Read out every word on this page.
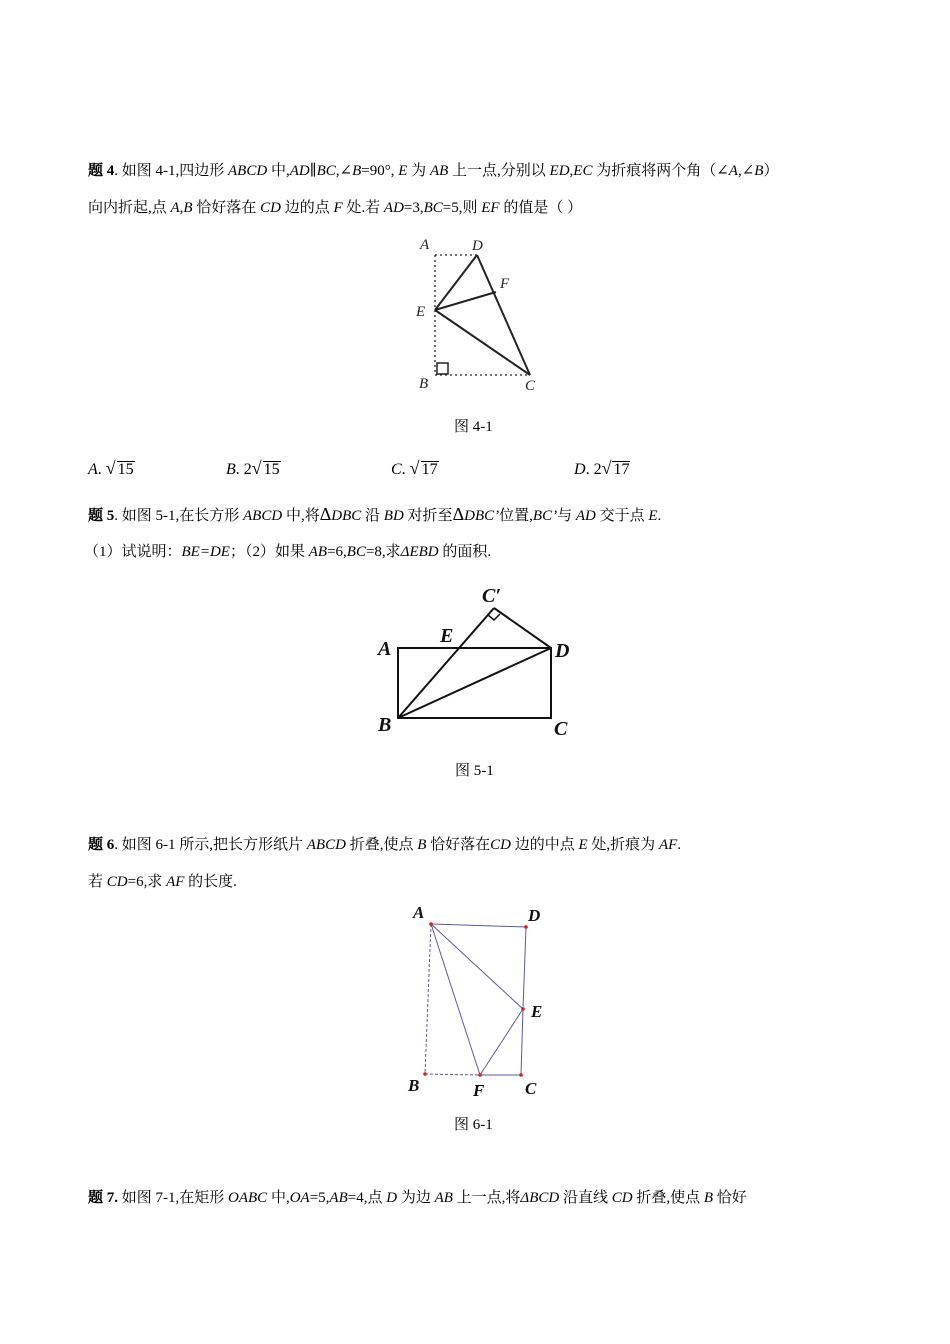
题 4. 如图 4-1,四边形 ABCD 中,AD∥BC,∠B=90°, E 为 AB 上一点,分别以 ED,EC 为折痕将两个角（∠A,∠B）
向内折起,点 A,B 恰好落在 CD 边的点 F 处.若 AD=3,BC=5,则 EF 的值是（ ）
A	D
F
E
B	C
图 4-1
A. √ 15	B. 2√ 15	C. √ 17	D. 2√ 17
题 5. 如图 5-1,在长方形 ABCD 中,将ΔDBC 沿 BD 对折至ΔDBC’位置,BC’与 AD 交于点 E.
（1）试说明：BE=DE；（2）如果 AB=6,BC=8,求ΔEBD 的面积.
C′
A
E
D
B	C
图 5-1
题 6. 如图 6-1 所示,把长方形纸片 ABCD 折叠,使点 B 恰好落在CD 边的中点 E 处,折痕为 AF.
若 CD=6,求 AF 的长度.
A	D
E
B	F C
图 6-1
题 7. 如图 7-1,在矩形 OABC 中,OA=5,AB=4,点 D 为边 AB 上一点,将ΔBCD 沿直线 CD 折叠,使点 B 恰好
